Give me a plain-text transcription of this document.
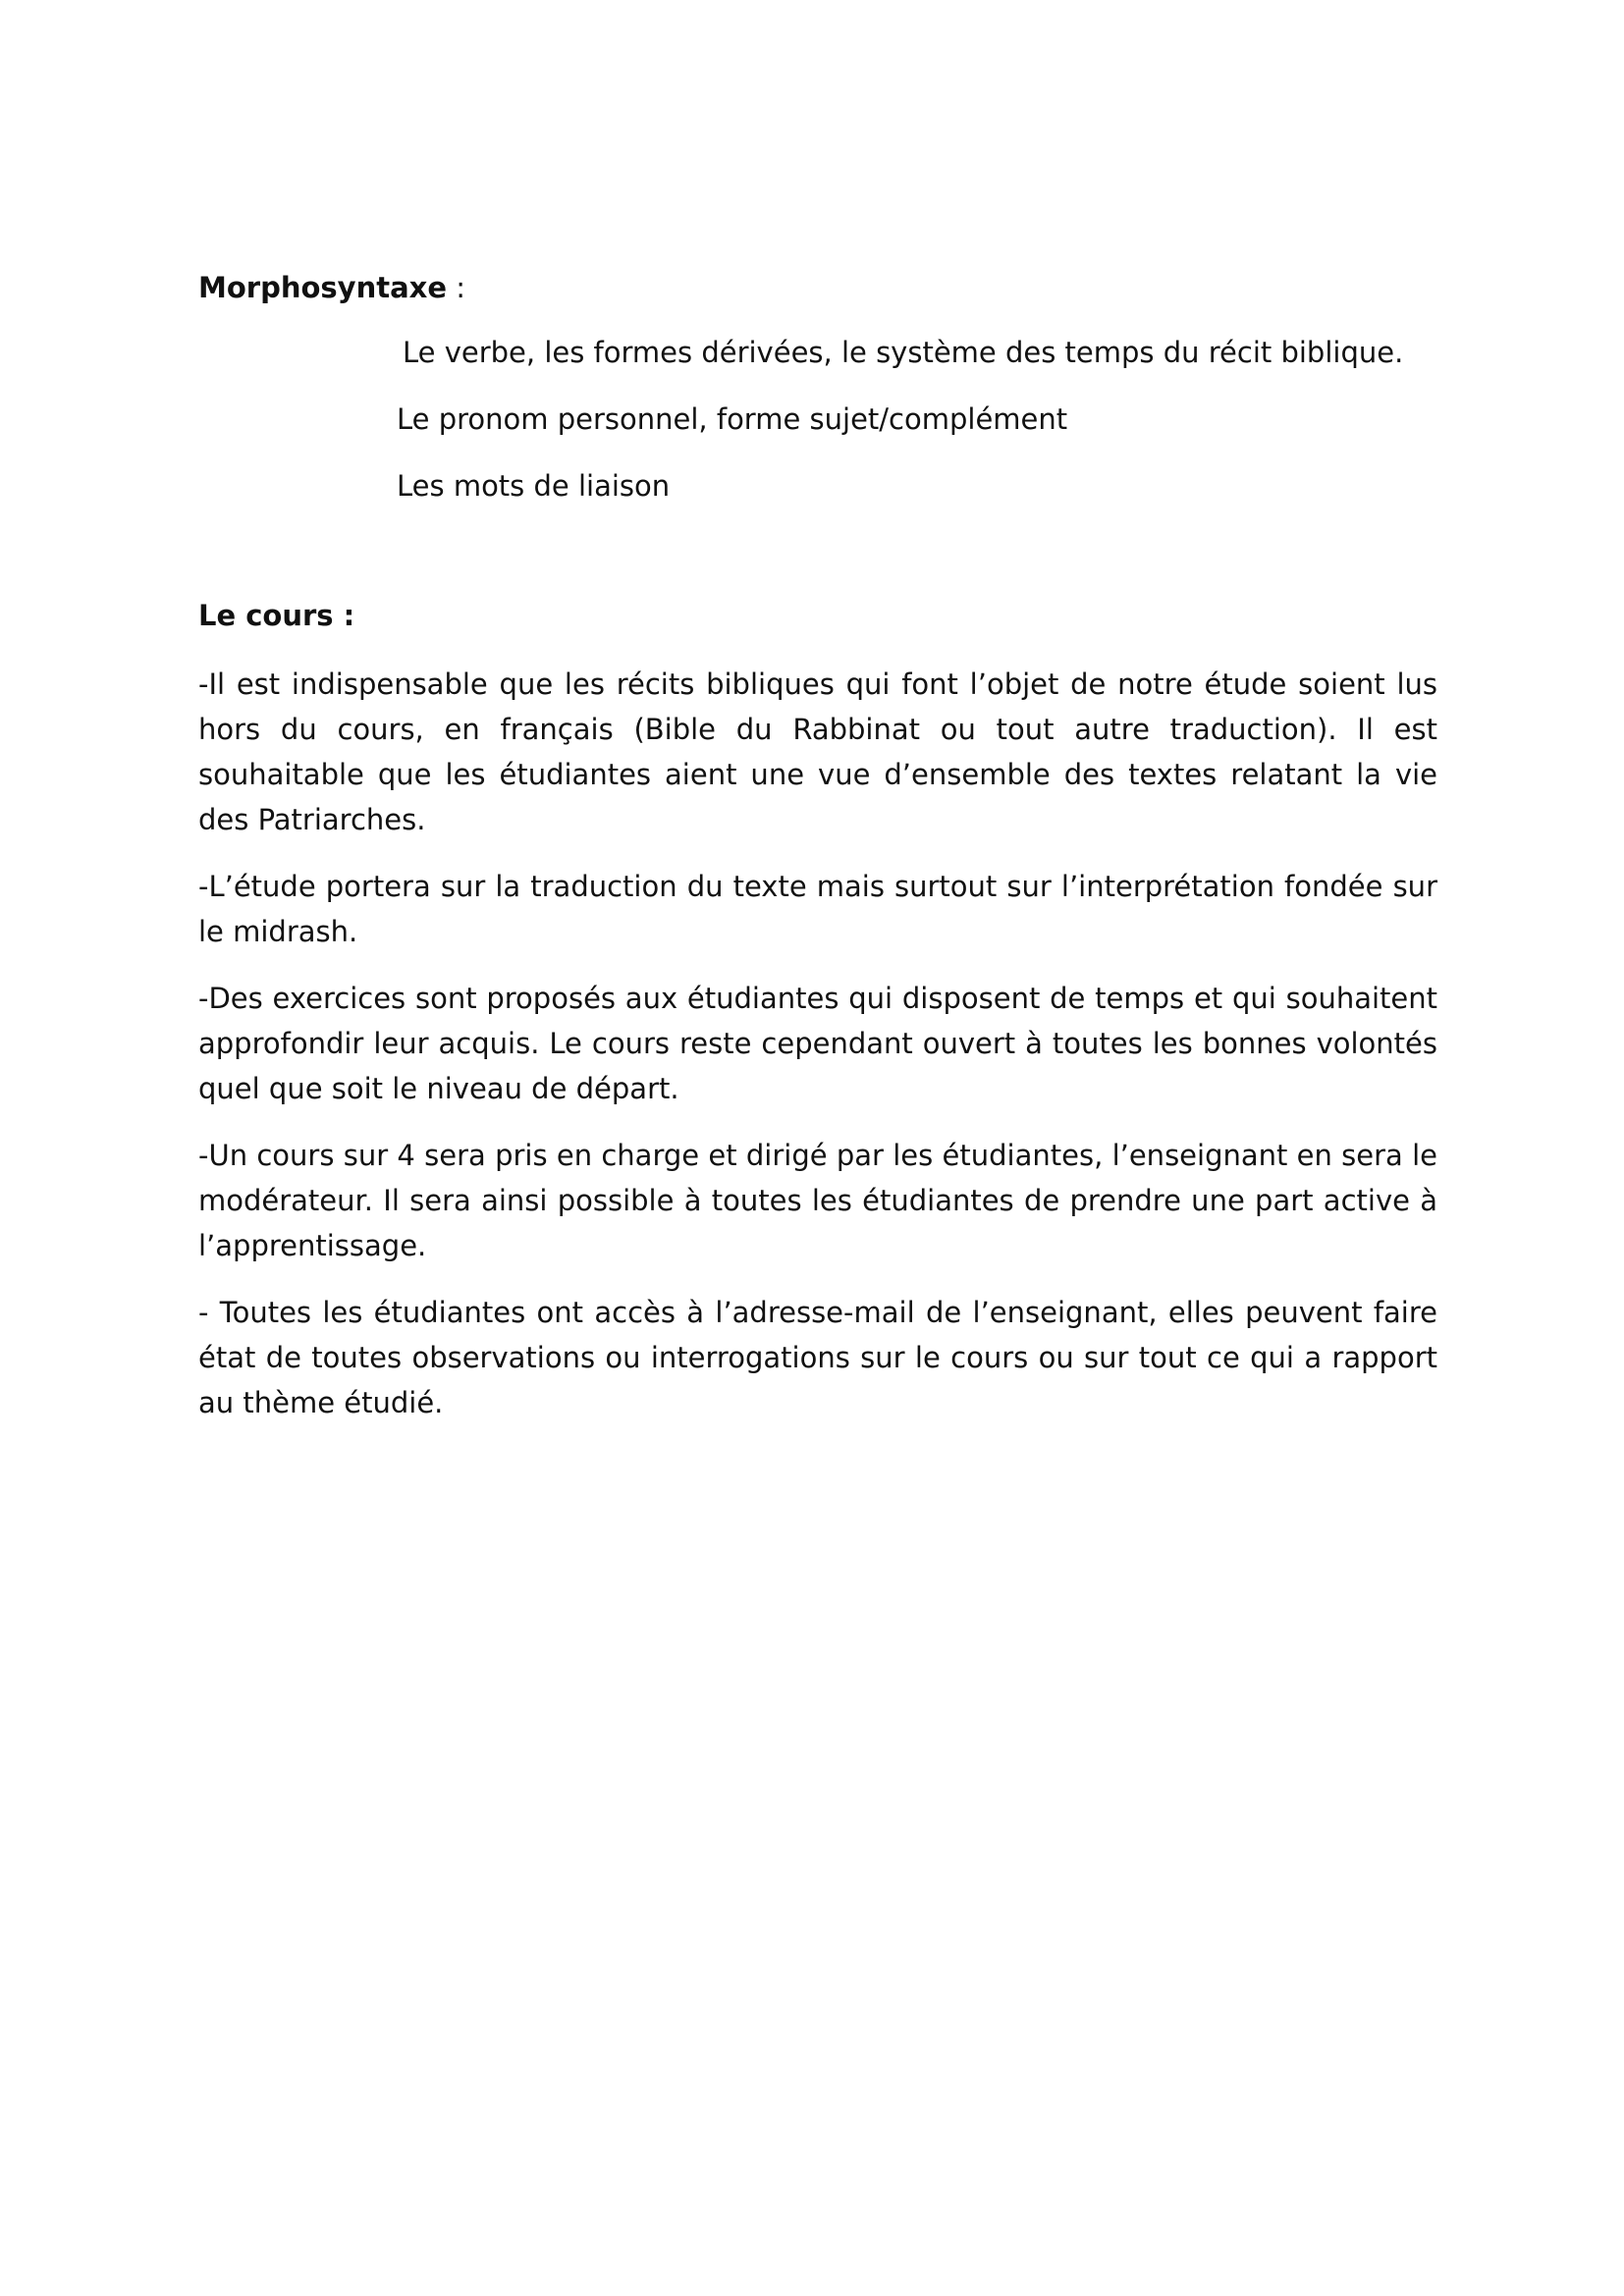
Morphosyntaxe :
Le verbe, les formes dérivées, le système des temps du récit biblique.
Le pronom personnel, forme sujet/complément
Les mots de liaison
Le cours :

-Il est indispensable que les récits bibliques qui font l’objet de notre étude soient lus hors du cours, en français (Bible du Rabbinat ou tout autre traduction). Il est souhaitable que les étudiantes aient une vue d’ensemble des textes relatant la vie des Patriarches.

-L’étude portera sur la traduction du texte mais surtout sur l’interprétation fondée sur le midrash.

-Des exercices sont proposés aux étudiantes qui disposent de temps et qui souhaitent approfondir leur acquis. Le cours reste cependant ouvert à toutes les bonnes volontés quel que soit le niveau de départ.

-Un cours sur 4 sera pris en charge et dirigé par les étudiantes, l’enseignant en sera le modérateur. Il sera ainsi possible à toutes les étudiantes de prendre une part active à l’apprentissage.

- Toutes les étudiantes ont accès à l’adresse-mail de l’enseignant, elles peuvent faire état de toutes observations ou interrogations sur le cours ou sur tout ce qui a rapport au thème étudié.
